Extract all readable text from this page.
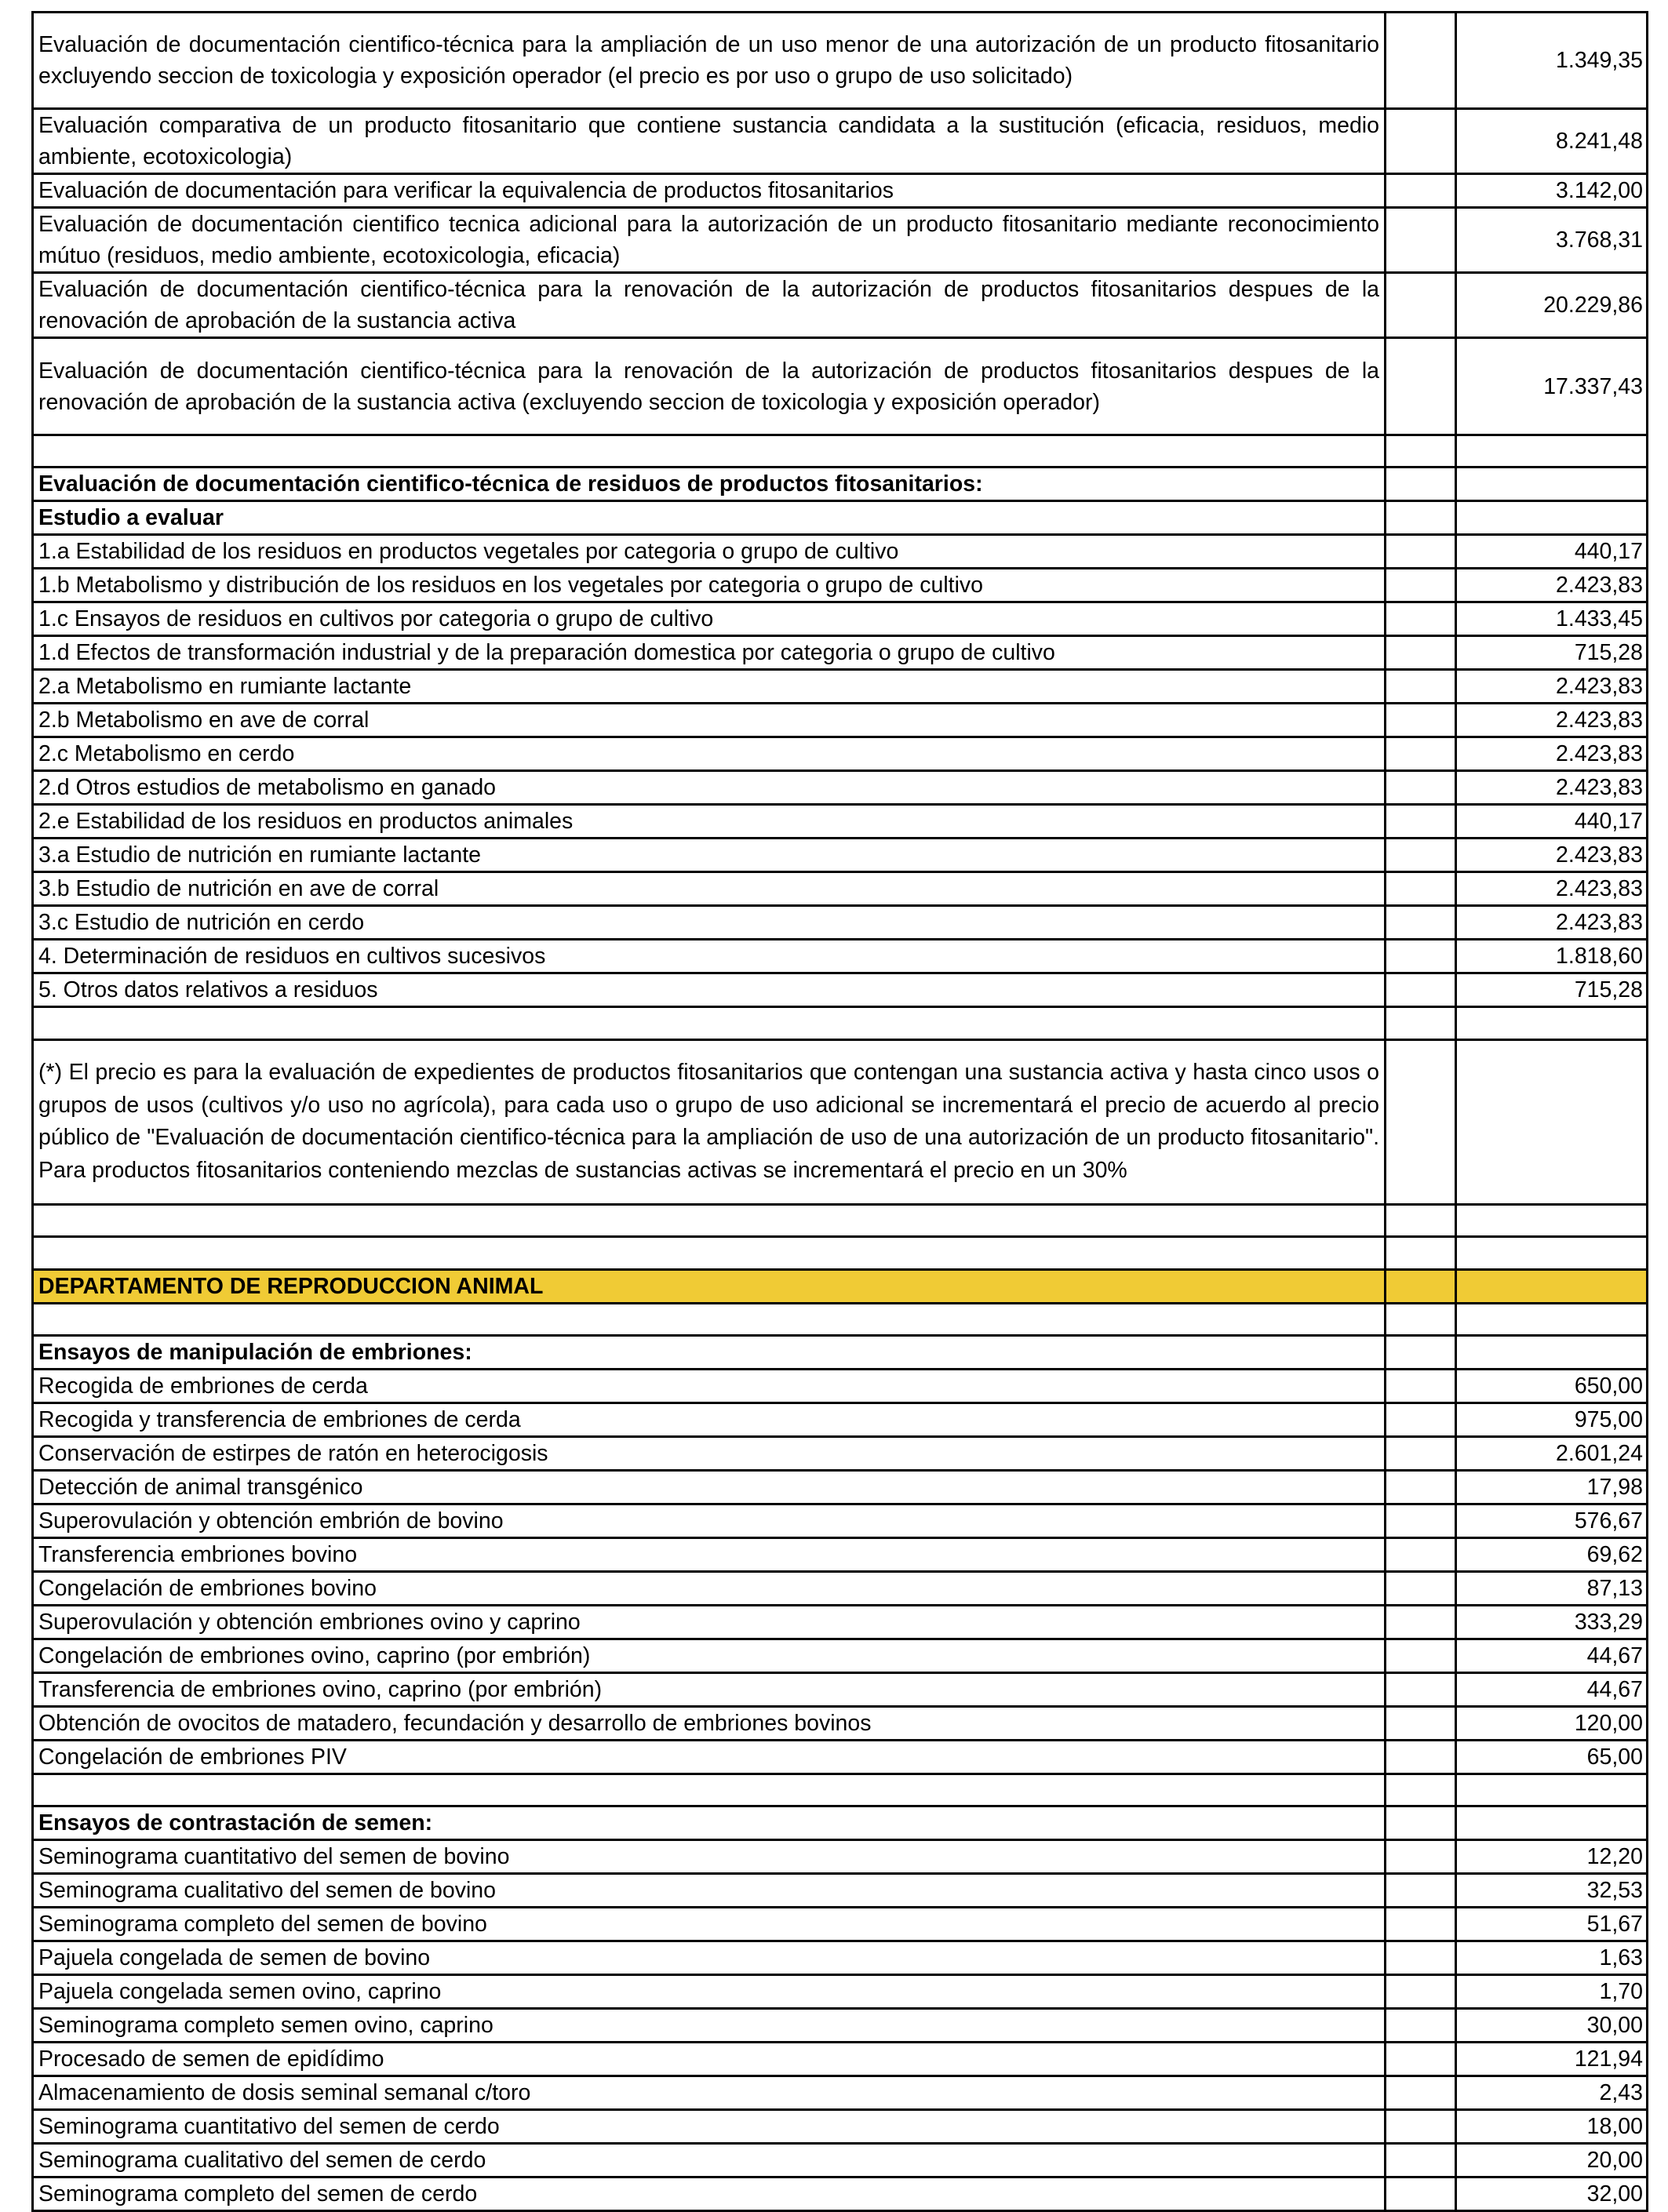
Evaluación de documentación cientifico-técnica para la ampliación de un uso menor de una autorización de un producto fitosanitario excluyendo seccion de toxicologia y exposición operador (el precio es por uso o grupo de uso solicitado)		1.349,35
Evaluación comparativa de un producto fitosanitario que contiene sustancia candidata a la sustitución (eficacia, residuos, medio ambiente, ecotoxicologia)		8.241,48
Evaluación de documentación para verificar la equivalencia de productos fitosanitarios		3.142,00
Evaluación de documentación cientifico tecnica adicional para la autorización de un producto fitosanitario mediante reconocimiento mútuo (residuos, medio ambiente, ecotoxicologia, eficacia)		3.768,31
Evaluación de documentación cientifico-técnica para la renovación de la autorización de productos fitosanitarios despues de la renovación de aprobación de la sustancia activa		20.229,86
Evaluación de documentación cientifico-técnica para la renovación de la autorización de productos fitosanitarios despues de la renovación de aprobación de la sustancia activa (excluyendo seccion de toxicologia y exposición operador)		17.337,43

Evaluación de documentación cientifico-técnica de residuos de productos fitosanitarios:		
Estudio a evaluar		
1.a Estabilidad de los residuos en productos vegetales por categoria o grupo de cultivo		440,17
1.b Metabolismo y distribución de los residuos en los vegetales por categoria o grupo de cultivo		2.423,83
1.c Ensayos de residuos en cultivos por categoria o grupo de cultivo		1.433,45
1.d Efectos de transformación industrial y de la preparación domestica por categoria o grupo de cultivo		715,28
2.a Metabolismo en rumiante lactante		2.423,83
2.b Metabolismo en ave de corral		2.423,83
2.c Metabolismo en cerdo		2.423,83
2.d Otros estudios de metabolismo en ganado		2.423,83
2.e Estabilidad de los residuos en productos animales		440,17
3.a Estudio de nutrición en rumiante lactante		2.423,83
3.b Estudio de nutrición en ave de corral		2.423,83
3.c Estudio de nutrición en cerdo		2.423,83
4. Determinación de residuos en cultivos sucesivos		1.818,60
5. Otros datos relativos a residuos		715,28

(*) El precio es para la evaluación de expedientes de productos fitosanitarios que contengan una sustancia activa y hasta cinco usos o grupos de usos (cultivos y/o uso no agrícola), para cada uso o grupo de uso adicional se incrementará el precio de acuerdo al precio público de "Evaluación de documentación cientifico-técnica para la ampliación de uso de una autorización de un producto fitosanitario". Para productos fitosanitarios conteniendo mezclas de sustancias activas se incrementará el precio en un 30%		

DEPARTAMENTO DE REPRODUCCION ANIMAL		

Ensayos de manipulación de embriones:		
Recogida de embriones de cerda		650,00
Recogida y transferencia de embriones de cerda		975,00
Conservación de estirpes de ratón en heterocigosis		2.601,24
Detección de animal transgénico		17,98
Superovulación y obtención embrión de bovino		576,67
Transferencia embriones bovino		69,62
Congelación de embriones bovino		87,13
Superovulación y obtención embriones ovino y caprino		333,29
Congelación de embriones ovino, caprino (por embrión)		44,67
Transferencia de embriones ovino, caprino (por embrión)		44,67
Obtención de ovocitos de matadero, fecundación y desarrollo de embriones bovinos		120,00
Congelación de embriones PIV		65,00

Ensayos de contrastación de semen:		
Seminograma cuantitativo del semen de bovino		12,20
Seminograma cualitativo del semen de bovino		32,53
Seminograma completo del semen de bovino		51,67
Pajuela congelada de semen de bovino		1,63
Pajuela congelada semen ovino, caprino		1,70
Seminograma completo semen ovino, caprino		30,00
Procesado de semen de epidídimo		121,94
Almacenamiento de dosis seminal semanal c/toro		2,43
Seminograma cuantitativo del semen de cerdo		18,00
Seminograma cualitativo del semen de cerdo		20,00
Seminograma completo del semen de cerdo		32,00
